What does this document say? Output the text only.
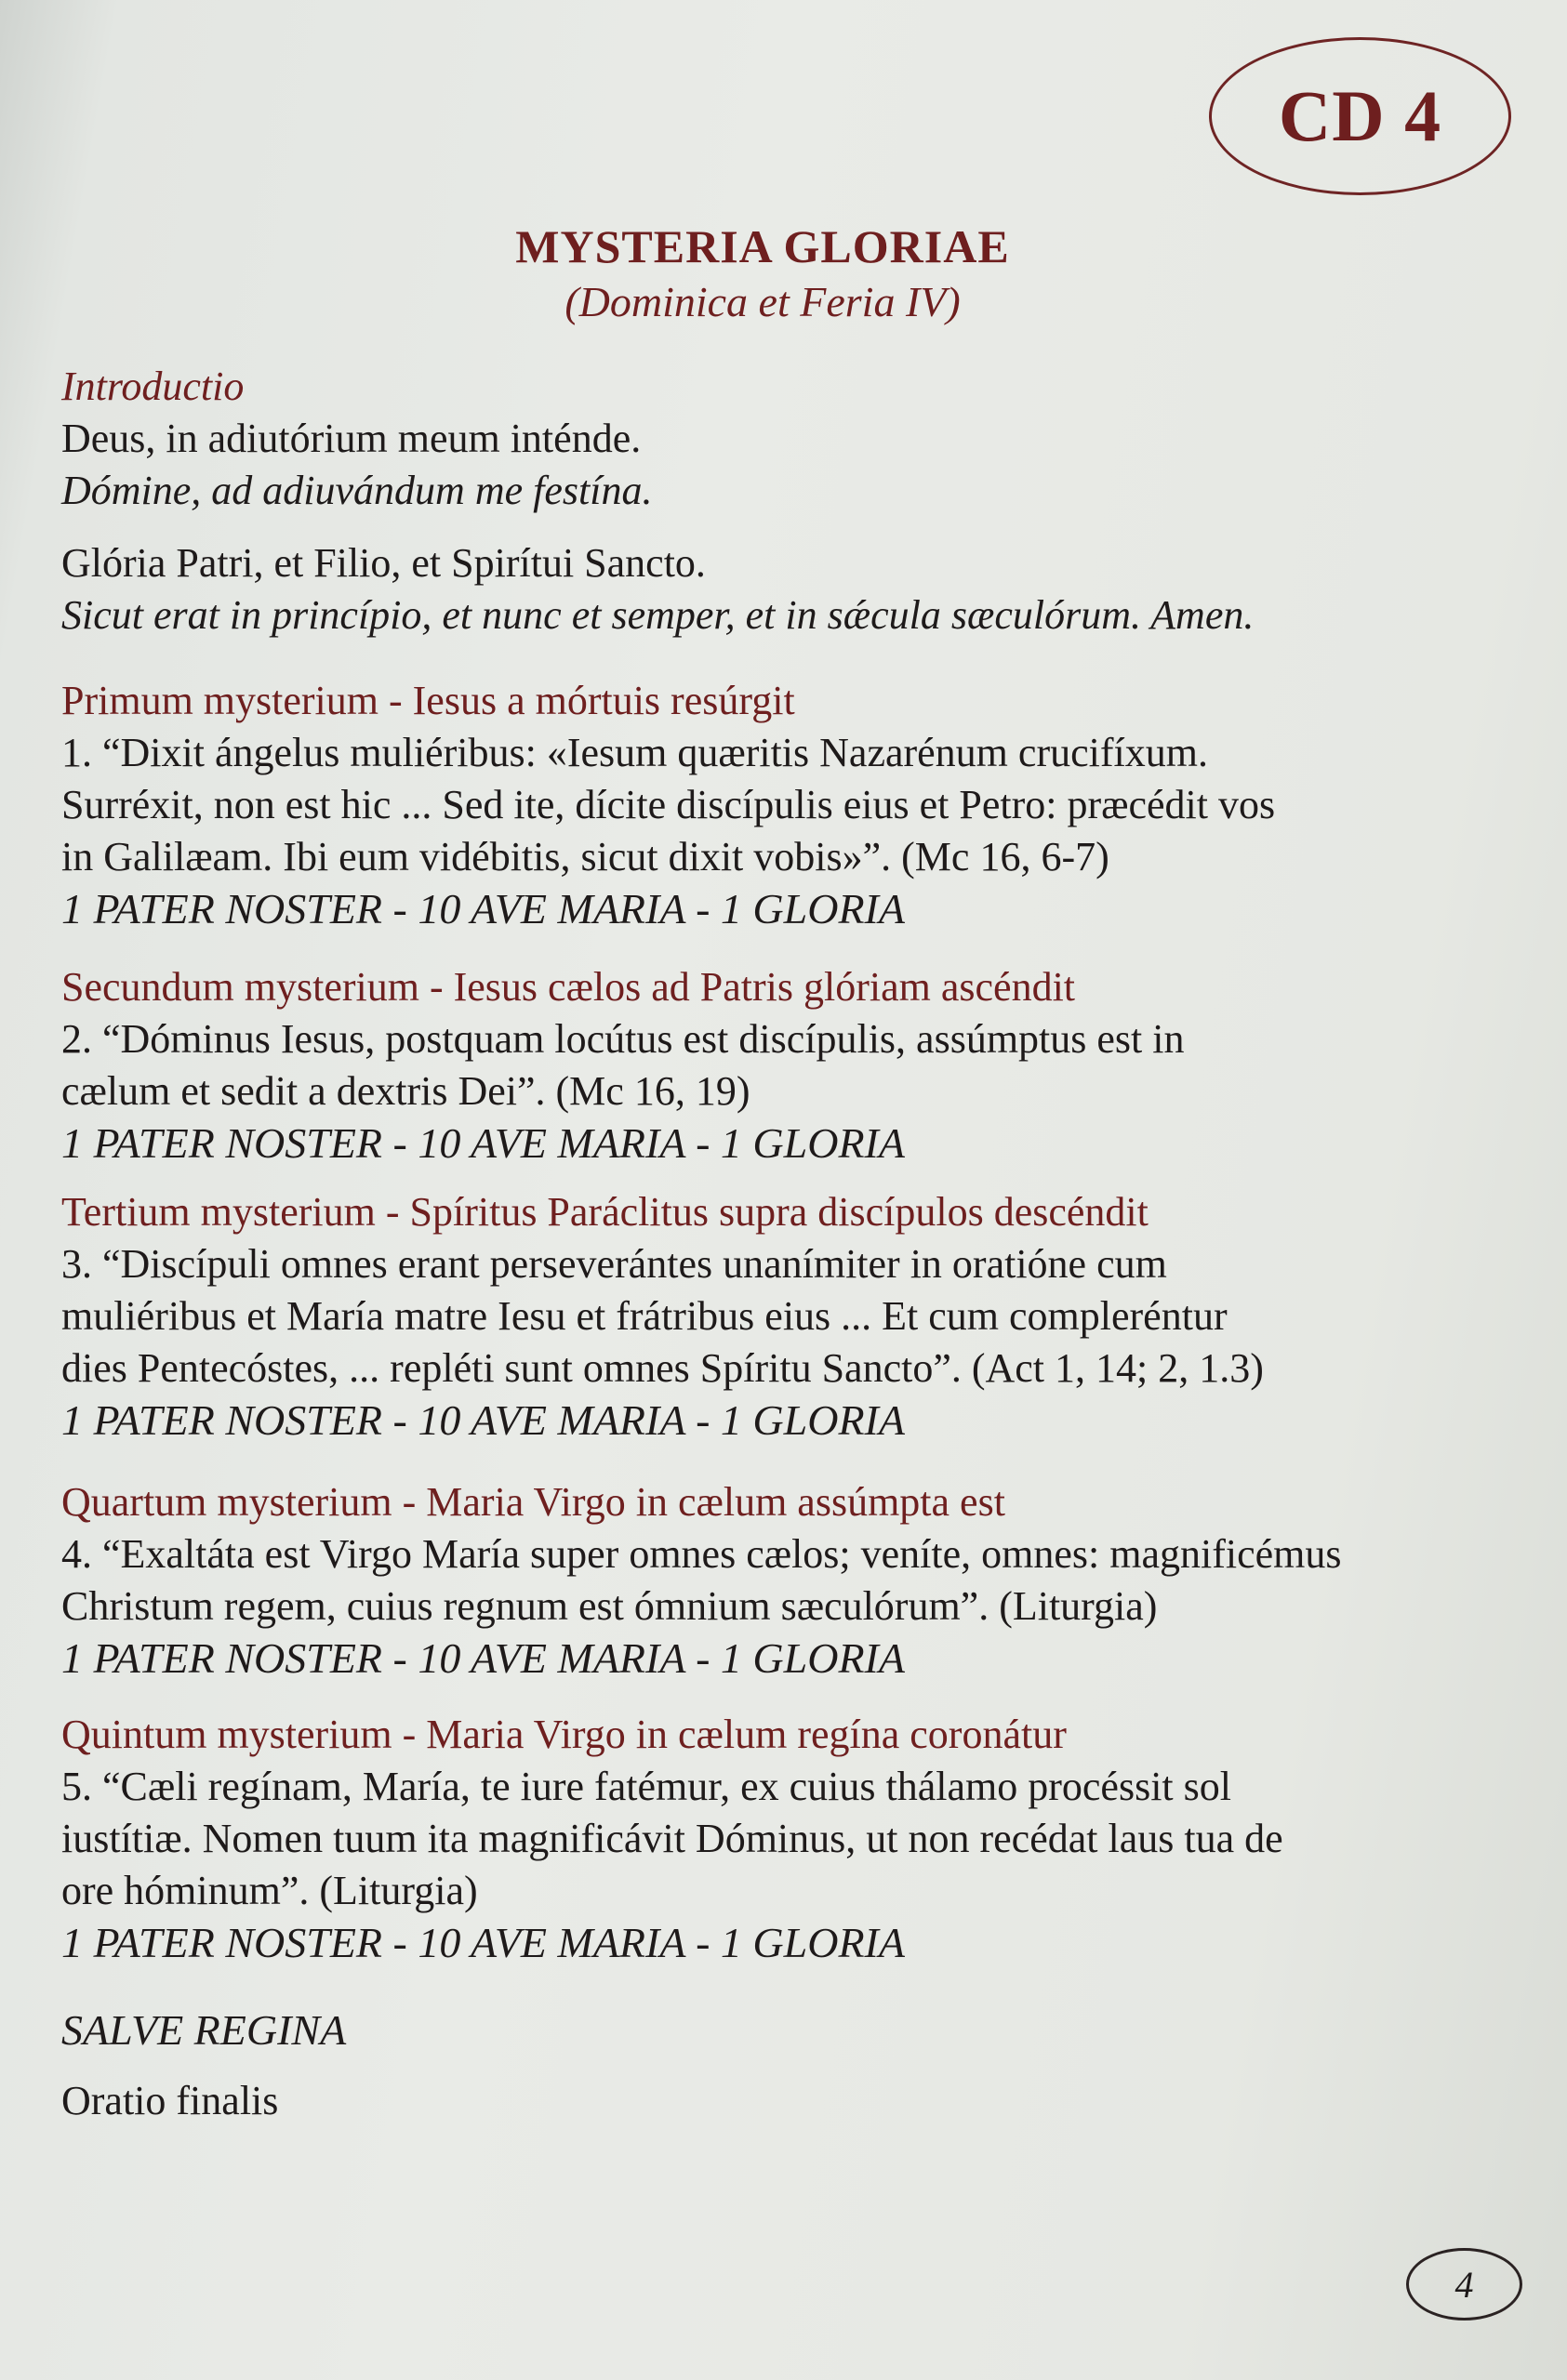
CD 4
MYSTERIA GLORIAE
(Dominica et Feria IV)
Introductio
Deus, in adiutórium meum inténde.
Dómine, ad adiuvándum me festína.
Glória Patri, et Filio, et Spirítui Sancto.
Sicut erat in princípio, et nunc et semper, et in sǽcula sæculórum. Amen.
Primum mysterium - Iesus a mórtuis resúrgit
1. “Dixit ángelus muliéribus: «Iesum quæritis Nazarénum crucifíxum.
Surréxit, non est hic ... Sed ite, dícite discípulis eius et Petro: præcédit vos
in Galilæam. Ibi eum vidébitis, sicut dixit vobis»”. (Mc 16, 6-7)
1 PATER NOSTER - 10 AVE MARIA - 1 GLORIA
Secundum mysterium - Iesus cælos ad Patris glóriam ascéndit
2. “Dóminus Iesus, postquam locútus est discípulis, assúmptus est in
cælum et sedit a dextris Dei”. (Mc 16, 19)
1 PATER NOSTER - 10 AVE MARIA - 1 GLORIA
Tertium mysterium - Spíritus Paráclitus supra discípulos descéndit
3. “Discípuli omnes erant perseverántes unanímiter in oratióne cum
muliéribus et María matre Iesu et frátribus eius ... Et cum compleréntur
dies Pentecóstes, ... repléti sunt omnes Spíritu Sancto”. (Act 1, 14; 2, 1.3)
1 PATER NOSTER - 10 AVE MARIA - 1 GLORIA
Quartum mysterium - Maria Virgo in cælum assúmpta est
4. “Exaltáta est Virgo María super omnes cælos; veníte, omnes: magnificémus
Christum regem, cuius regnum est ómnium sæculórum”. (Liturgia)
1 PATER NOSTER - 10 AVE MARIA - 1 GLORIA
Quintum mysterium - Maria Virgo in cælum regína coronátur
5. “Cæli regínam, María, te iure fatémur, ex cuius thálamo procéssit sol
iustítiæ. Nomen tuum ita magnificávit Dóminus, ut non recédat laus tua de
ore hóminum”. (Liturgia)
1 PATER NOSTER - 10 AVE MARIA - 1 GLORIA
SALVE REGINA
Oratio finalis
4
